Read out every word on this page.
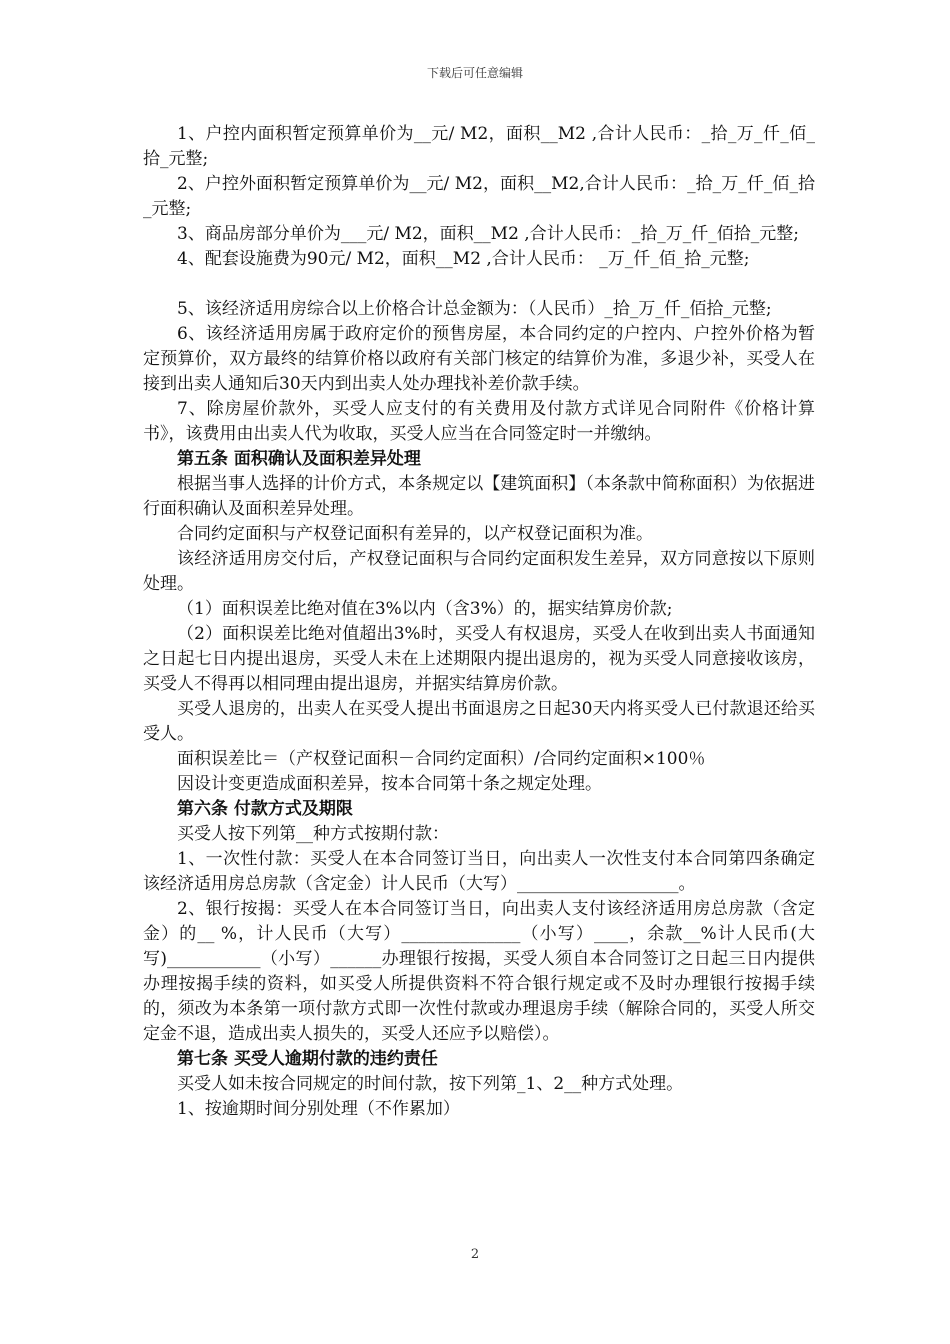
下载后可任意编辑

1、户控内面积暂定预算单价为__元/ M2，面积__M2 ,合计人民币：_拾_万_仟_佰_拾_元整;

2、户控外面积暂定预算单价为__元/ M2，面积__M2,合计人民币：_拾_万_仟_佰_拾_元整;

3、商品房部分单价为___元/ M2，面积__M2 ,合计人民币：_拾_万_仟_佰拾_元整;

4、配套设施费为90元/ M2，面积__M2 ,合计人民币： _万_仟_佰_拾_元整;

5、该经济适用房综合以上价格合计总金额为：（人民币）_拾_万_仟_佰拾_元整;

6、该经济适用房属于政府定价的预售房屋，本合同约定的户控内、户控外价格为暂定预算价，双方最终的结算价格以政府有关部门核定的结算价为准，多退少补，买受人在接到出卖人通知后30天内到出卖人处办理找补差价款手续。

7、除房屋价款外，买受人应支付的有关费用及付款方式详见合同附件《价格计算书》，该费用由出卖人代为收取，买受人应当在合同签定时一并缴纳。

第五条 面积确认及面积差异处理

根据当事人选择的计价方式，本条规定以【建筑面积】（本条款中简称面积）为依据进行面积确认及面积差异处理。

合同约定面积与产权登记面积有差异的，以产权登记面积为准。

该经济适用房交付后，产权登记面积与合同约定面积发生差异，双方同意按以下原则处理。

（1）面积误差比绝对值在3%以内（含3%）的，据实结算房价款;

（2）面积误差比绝对值超出3%时，买受人有权退房，买受人在收到出卖人书面通知之日起七日内提出退房，买受人未在上述期限内提出退房的，视为买受人同意接收该房，买受人不得再以相同理由提出退房，并据实结算房价款。

买受人退房的，出卖人在买受人提出书面退房之日起30天内将买受人已付款退还给买受人。

面积误差比＝（产权登记面积－合同约定面积）/合同约定面积×100％

因设计变更造成面积差异，按本合同第十条之规定处理。

第六条 付款方式及期限

买受人按下列第__种方式按期付款：

1、一次性付款：买受人在本合同签订当日，向出卖人一次性支付本合同第四条确定该经济适用房总房款（含定金）计人民币（大写）___________________。

2、银行按揭：买受人在本合同签订当日，向出卖人支付该经济适用房总房款（含定金）的__ %，计人民币（大写）______________（小写）____，余款__%计人民币(大写)___________（小写）______办理银行按揭，买受人须自本合同签订之日起三日内提供办理按揭手续的资料，如买受人所提供资料不符合银行规定或不及时办理银行按揭手续的，须改为本条第一项付款方式即一次性付款或办理退房手续（解除合同的，买受人所交定金不退，造成出卖人损失的，买受人还应予以赔偿）。

第七条 买受人逾期付款的违约责任

买受人如未按合同规定的时间付款，按下列第_1、2__种方式处理。

1、按逾期时间分别处理（不作累加）

2
